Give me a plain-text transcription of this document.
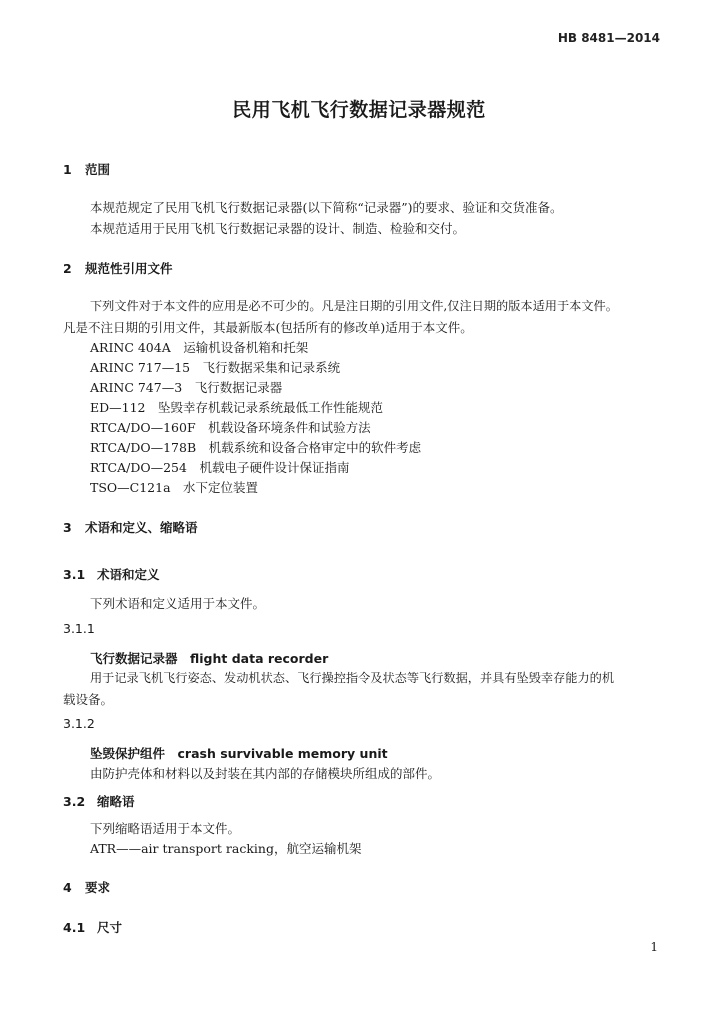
HB 8481—2014
民用飞机飞行数据记录器规范
1 范围
本规范规定了民用飞机飞行数据记录器(以下简称“记录器”)的要求、验证和交货准备。
本规范适用于民用飞机飞行数据记录器的设计、制造、检验和交付。
2 规范性引用文件
下列文件对于本文件的应用是必不可少的。凡是注日期的引用文件,仅注日期的版本适用于本文件。
凡是不注日期的引用文件，其最新版本(包括所有的修改单)适用于本文件。
ARINC 404A　 运输机设备机箱和托架
ARINC 717—15　 飞行数据采集和记录系统
ARINC 747—3　 飞行数据记录器
ED—112　 坠毁幸存机载记录系统最低工作性能规范
RTCA/DO—160F　 机载设备环境条件和试验方法
RTCA/DO—178B　 机载系统和设备合格审定中的软件考虑
RTCA/DO—254　 机载电子硬件设计保证指南
TSO—C121a　 水下定位装置
3 术语和定义、缩略语
3.1 术语和定义
下列术语和定义适用于本文件。
3.1.1
飞行数据记录器　flight data recorder
用于记录飞机飞行姿态、发动机状态、飞行操控指令及状态等飞行数据，并具有坠毁幸存能力的机
载设备。
3.1.2
坠毁保护组件　crash survivable memory unit
由防护壳体和材料以及封装在其内部的存储模块所组成的部件。
3.2 缩略语
下列缩略语适用于本文件。
ATR——air transport racking，航空运输机架
4 要求
4.1 尺寸
1
